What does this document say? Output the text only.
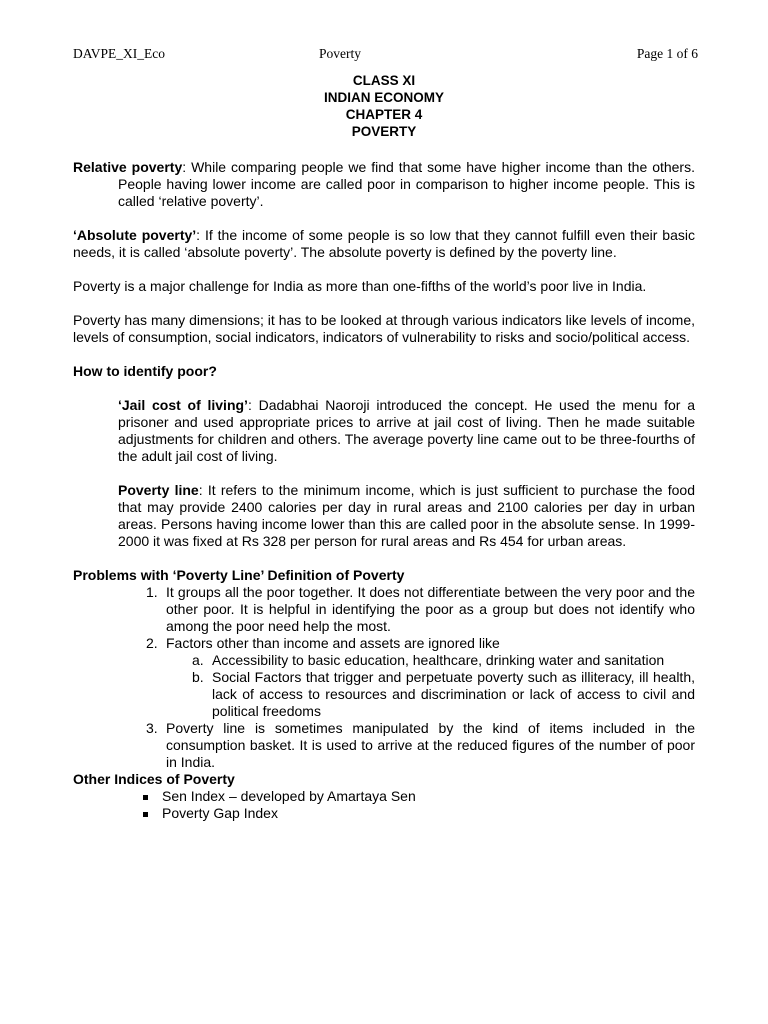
DAVPE_XI_Eco	Poverty	Page 1 of 6
CLASS XI
INDIAN ECONOMY
CHAPTER 4
POVERTY

Relative poverty: While comparing people we find that some have higher income than the others. People having lower income are called poor in comparison to higher income people. This is called ‘relative poverty’.

‘Absolute poverty’: If the income of some people is so low that they cannot fulfill even their basic needs, it is called ‘absolute poverty’. The absolute poverty is defined by the poverty line.

Poverty is a major challenge for India as more than one-fifths of the world’s poor live in India.

Poverty has many dimensions; it has to be looked at through various indicators like levels of income, levels of consumption, social indicators, indicators of vulnerability to risks and socio/political access.

How to identify poor?

‘Jail cost of living’: Dadabhai Naoroji introduced the concept. He used the menu for a prisoner and used appropriate prices to arrive at jail cost of living. Then he made suitable adjustments for children and others. The average poverty line came out to be three-fourths of the adult jail cost of living.

Poverty line: It refers to the minimum income, which is just sufficient to purchase the food that may provide 2400 calories per day in rural areas and 2100 calories per day in urban areas. Persons having income lower than this are called poor in the absolute sense. In 1999-2000 it was fixed at Rs 328 per person for rural areas and Rs 454 for urban areas.

Problems with ‘Poverty Line’ Definition of Poverty

1. It groups all the poor together. It does not differentiate between the very poor and the other poor. It is helpful in identifying the poor as a group but does not identify who among the poor need help the most.
2. Factors other than income and assets are ignored like
a. Accessibility to basic education, healthcare, drinking water and sanitation
b. Social Factors that trigger and perpetuate poverty such as illiteracy, ill health, lack of access to resources and discrimination or lack of access to civil and political freedoms
3. Poverty line is sometimes manipulated by the kind of items included in the consumption basket. It is used to arrive at the reduced figures of the number of poor in India.

Other Indices of Poverty

Sen Index – developed by Amartaya Sen
Poverty Gap Index
